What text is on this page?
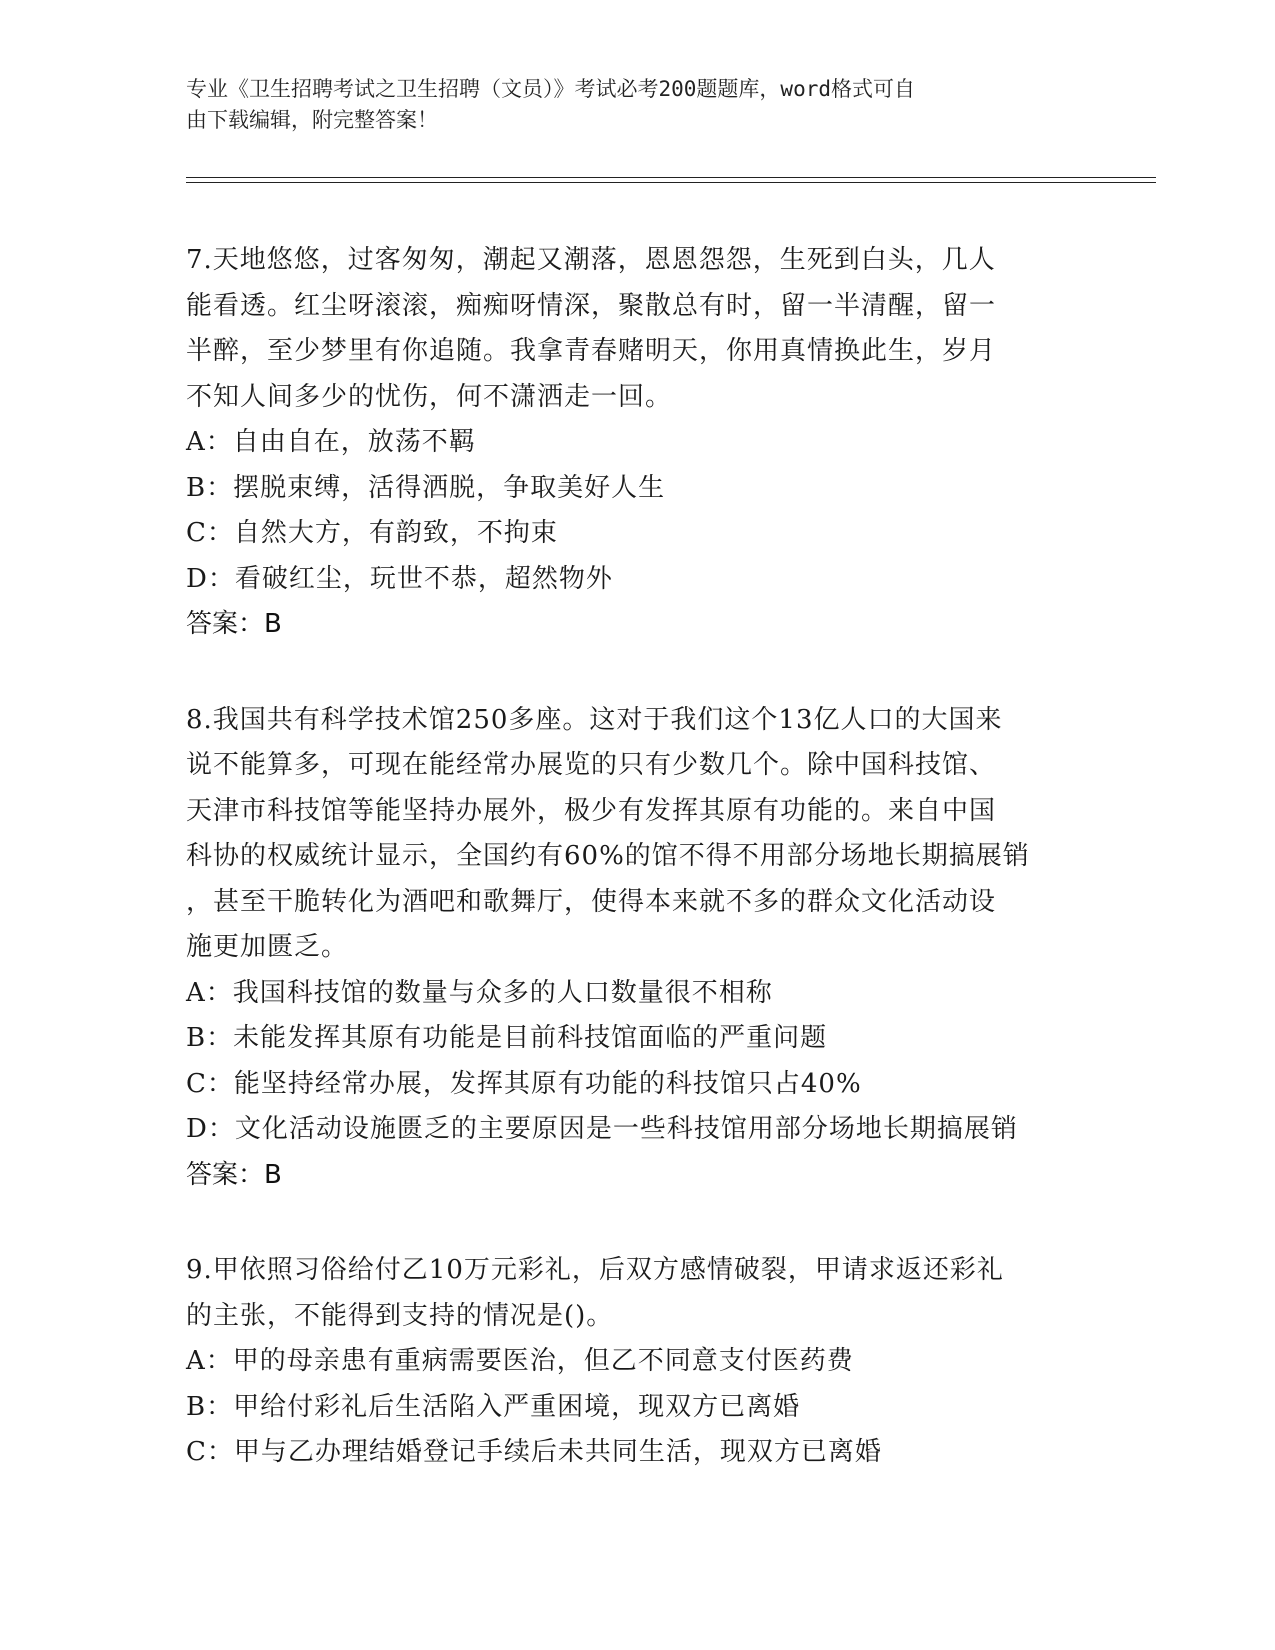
专业《卫生招聘考试之卫生招聘（文员）》考试必考200题题库，word格式可自
由下载编辑，附完整答案！
7.天地悠悠，过客匆匆，潮起又潮落，恩恩怨怨，生死到白头，几人
能看透。红尘呀滚滚，痴痴呀情深，聚散总有时，留一半清醒，留一
半醉，至少梦里有你追随。我拿青春赌明天，你用真情换此生，岁月
不知人间多少的忧伤，何不潇洒走一回。
A：自由自在，放荡不羁
B：摆脱束缚，活得洒脱，争取美好人生
C：自然大方，有韵致，不拘束
D：看破红尘，玩世不恭，超然物外
答案：B
8.我国共有科学技术馆250多座。这对于我们这个13亿人口的大国来
说不能算多，可现在能经常办展览的只有少数几个。除中国科技馆、
天津市科技馆等能坚持办展外，极少有发挥其原有功能的。来自中国
科协的权威统计显示，全国约有60%的馆不得不用部分场地长期搞展销
，甚至干脆转化为酒吧和歌舞厅，使得本来就不多的群众文化活动设
施更加匮乏。
A：我国科技馆的数量与众多的人口数量很不相称
B：未能发挥其原有功能是目前科技馆面临的严重问题
C：能坚持经常办展，发挥其原有功能的科技馆只占40%
D：文化活动设施匮乏的主要原因是一些科技馆用部分场地长期搞展销
答案：B
9.甲依照习俗给付乙10万元彩礼，后双方感情破裂，甲请求返还彩礼
的主张，不能得到支持的情况是()。
A：甲的母亲患有重病需要医治，但乙不同意支付医药费
B：甲给付彩礼后生活陷入严重困境，现双方已离婚
C：甲与乙办理结婚登记手续后未共同生活，现双方已离婚
